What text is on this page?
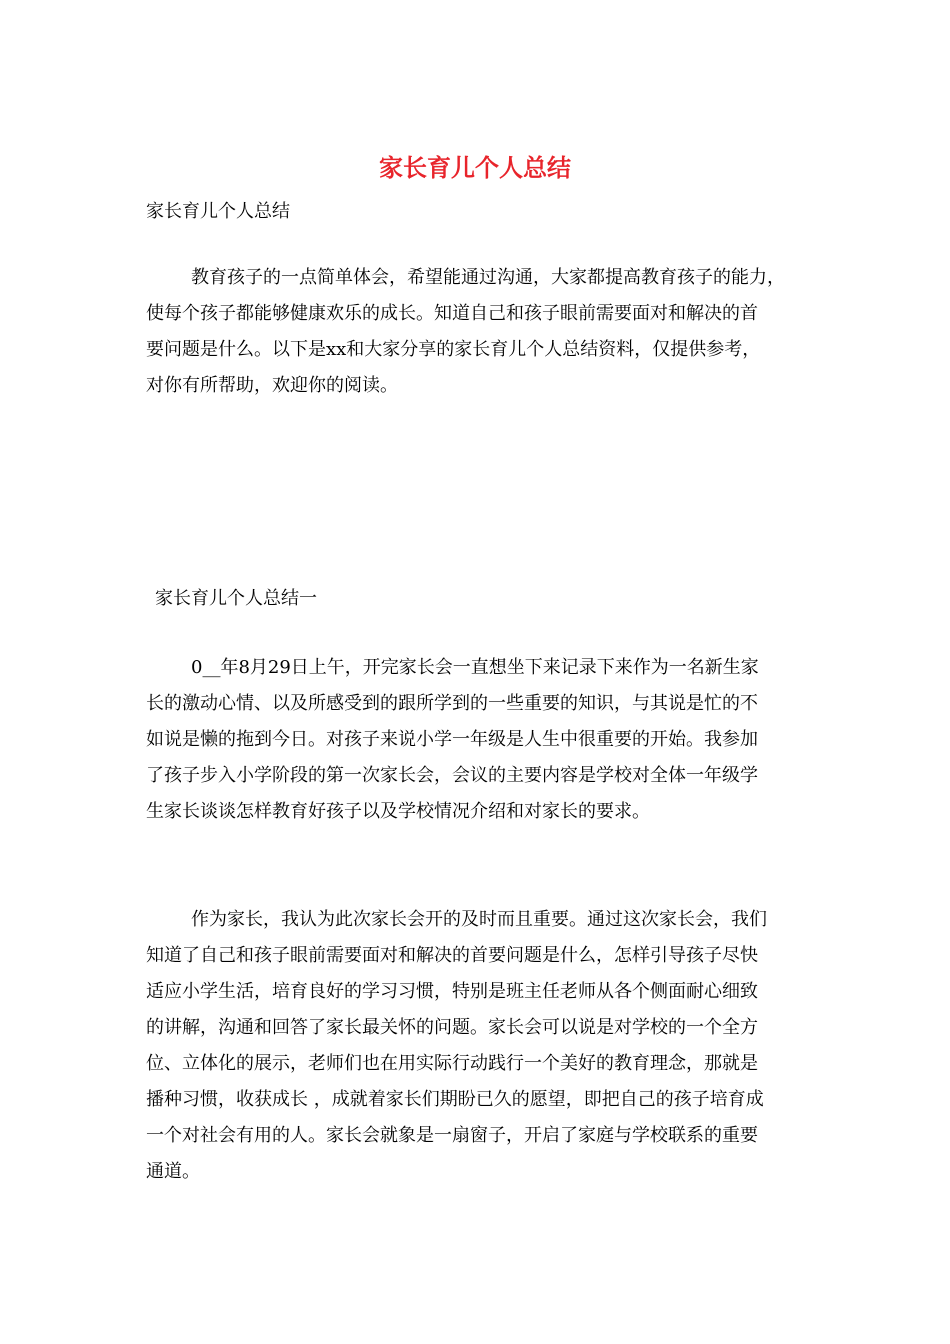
家长育儿个人总结
家长育儿个人总结
教育孩子的一点简单体会，希望能通过沟通，大家都提高教育孩子的能力，
使每个孩子都能够健康欢乐的成长。知道自己和孩子眼前需要面对和解决的首
要问题是什么。以下是xx和大家分享的家长育儿个人总结资料，仅提供参考，
对你有所帮助，欢迎你的阅读。
家长育儿个人总结一
0__年8月29日上午，开完家长会一直想坐下来记录下来作为一名新生家
长的激动心情、以及所感受到的跟所学到的一些重要的知识，与其说是忙的不
如说是懒的拖到今日。对孩子来说小学一年级是人生中很重要的开始。我参加
了孩子步入小学阶段的第一次家长会，会议的主要内容是学校对全体一年级学
生家长谈谈怎样教育好孩子以及学校情况介绍和对家长的要求。
作为家长，我认为此次家长会开的及时而且重要。通过这次家长会，我们
知道了自己和孩子眼前需要面对和解决的首要问题是什么，怎样引导孩子尽快
适应小学生活，培育良好的学习习惯，特别是班主任老师从各个侧面耐心细致
的讲解，沟通和回答了家长最关怀的问题。家长会可以说是对学校的一个全方
位、立体化的展示，老师们也在用实际行动践行一个美好的教育理念，那就是
播种习惯，收获成长 ，成就着家长们期盼已久的愿望，即把自己的孩子培育成
一个对社会有用的人。家长会就象是一扇窗子，开启了家庭与学校联系的重要
通道。
